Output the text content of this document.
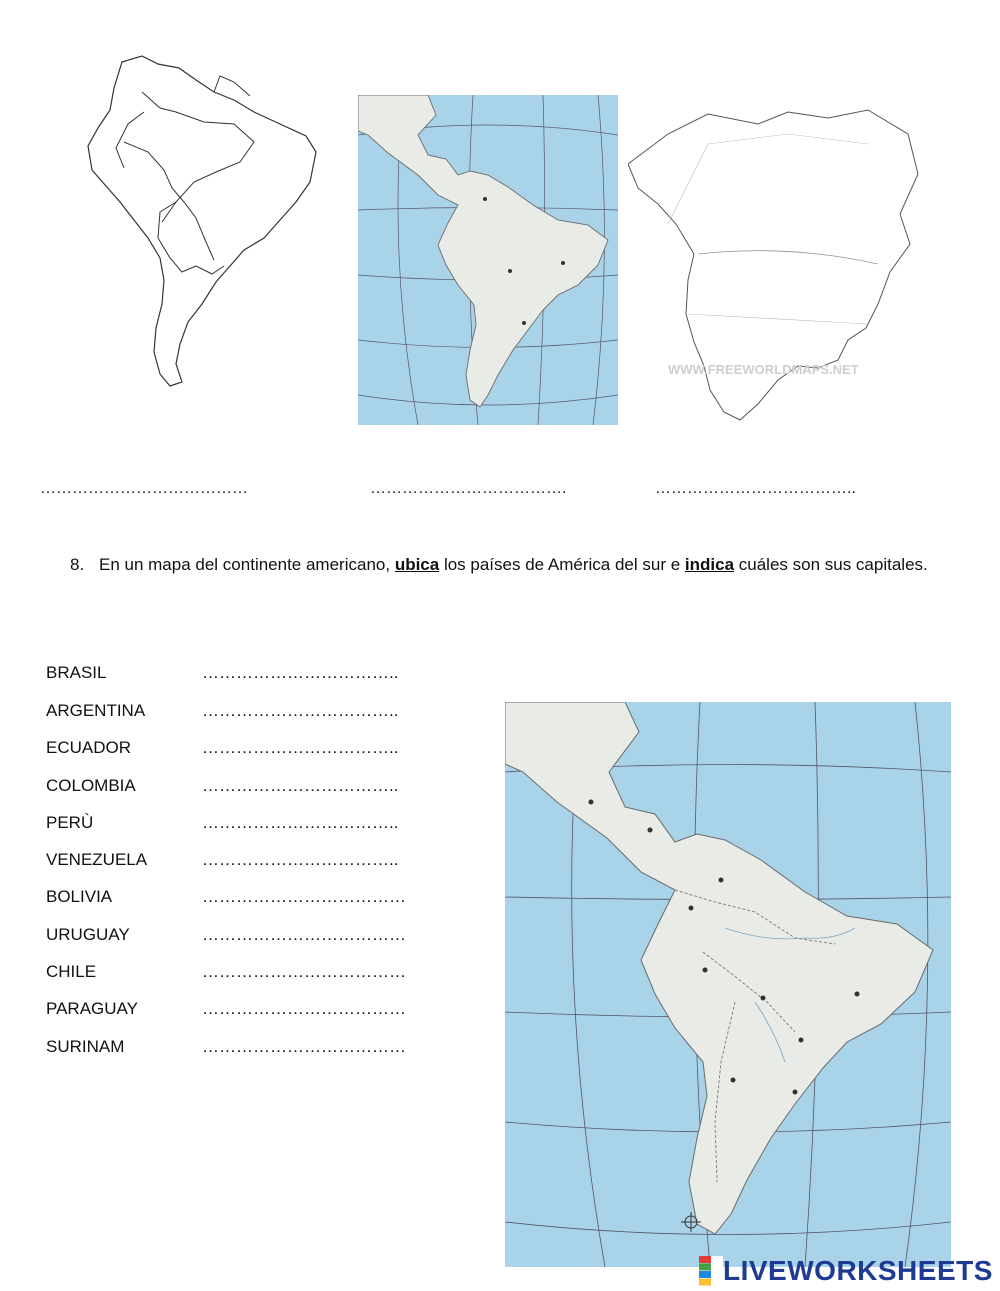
WWW.FREEWORLDMAPS.NET
…………………………………	……………………………….	………………………………..
8. En un mapa del continente americano, ubica los países de América del sur e indica cuáles son sus capitales.
BRASIL	……………………………..
ARGENTINA	……………………………..
ECUADOR	……………………………..
COLOMBIA	……………………………..
PERÙ	……………………………..
VENEZUELA	……………………………..
BOLIVIA	………………………………
URUGUAY	………………………………
CHILE	………………………………
PARAGUAY	………………………………
SURINAM	………………………………
LIVEWORKSHEETS
